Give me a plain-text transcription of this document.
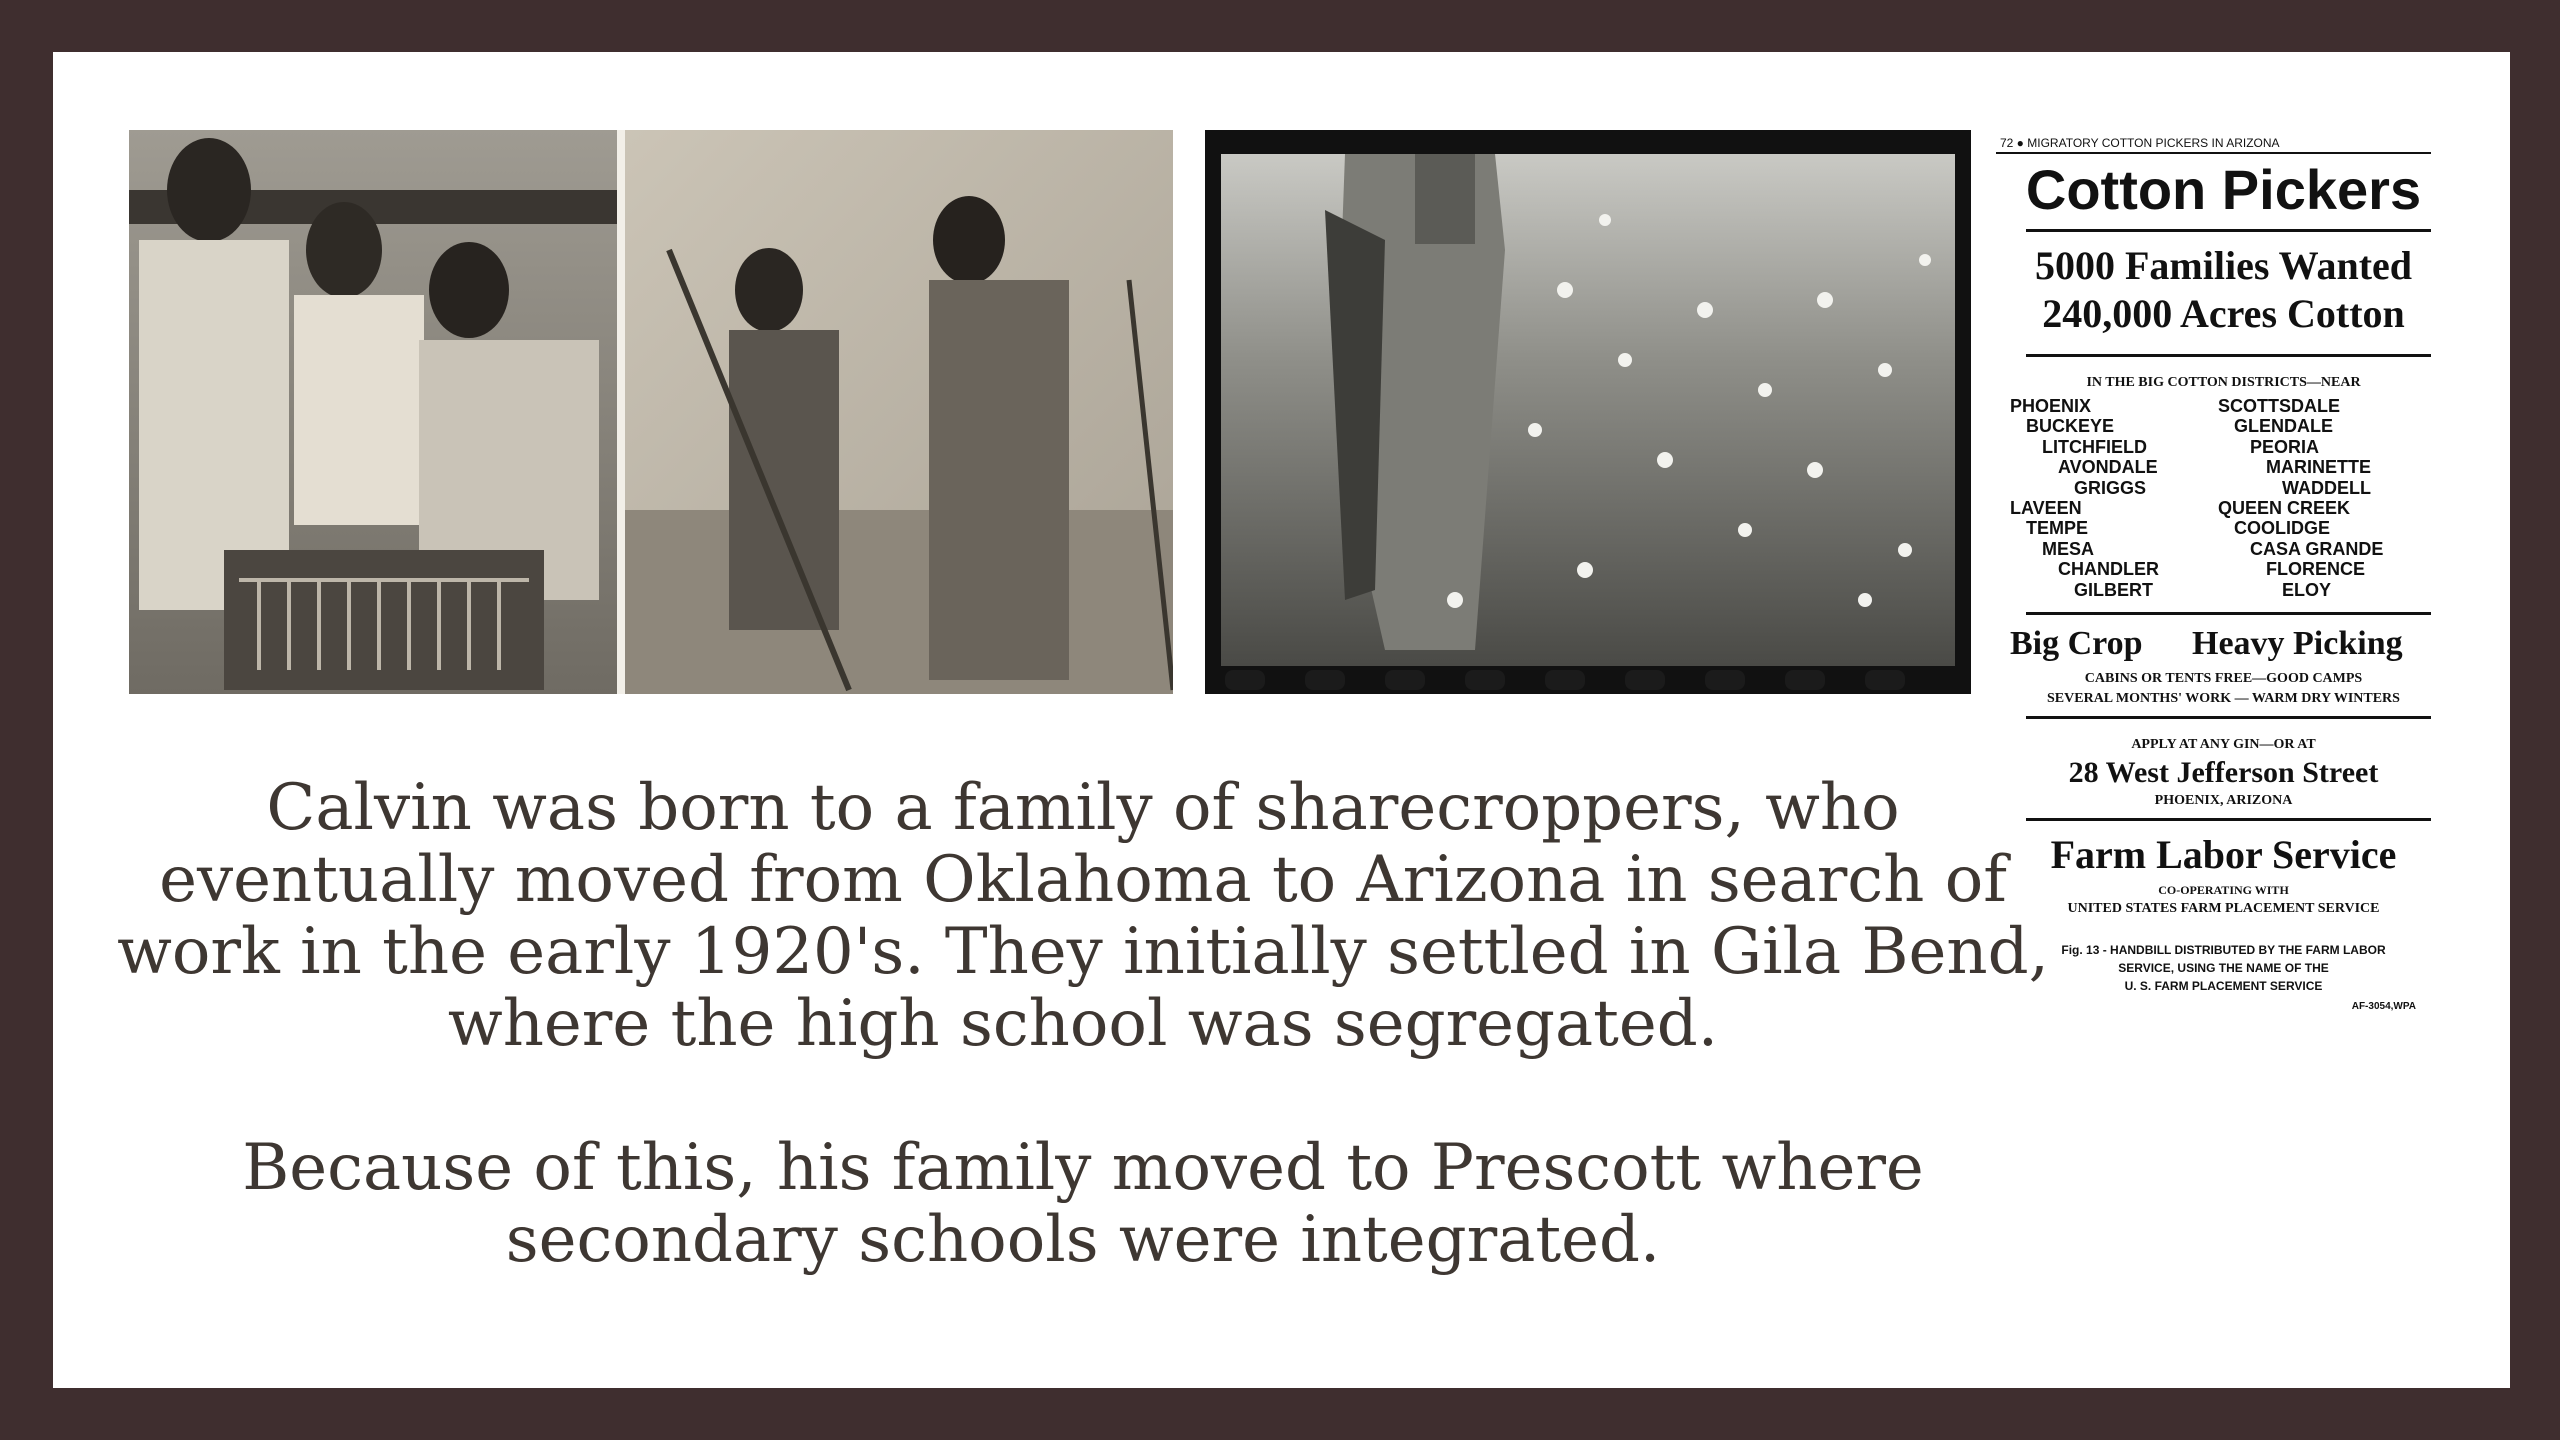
72 ● MIGRATORY COTTON PICKERS IN ARIZONA
Cotton Pickers
5000 Families Wanted
240,000 Acres Cotton
IN THE BIG COTTON DISTRICTS—NEAR
PHOENIX
BUCKEYE
LITCHFIELD
AVONDALE
GRIGGS
LAVEEN
TEMPE
MESA
CHANDLER
GILBERT
SCOTTSDALE
GLENDALE
PEORIA
MARINETTE
WADDELL
QUEEN CREEK
COOLIDGE
CASA GRANDE
FLORENCE
ELOY
Big Crop	Heavy Picking
CABINS OR TENTS FREE—GOOD CAMPS
SEVERAL MONTHS' WORK — WARM DRY WINTERS
APPLY AT ANY GIN—OR AT
28 West Jefferson Street
PHOENIX, ARIZONA
Farm Labor Service
CO-OPERATING WITH
UNITED STATES FARM PLACEMENT SERVICE
Fig. 13 - HANDBILL DISTRIBUTED BY THE FARM LABOR
SERVICE, USING THE NAME OF THE
U. S. FARM PLACEMENT SERVICE
AF-3054,WPA

Calvin was born to a family of sharecroppers, who eventually moved from Oklahoma to Arizona in search of work in the early 1920's. They initially settled in Gila Bend, where the high school was segregated.

Because of this, his family moved to Prescott where secondary schools were integrated.
